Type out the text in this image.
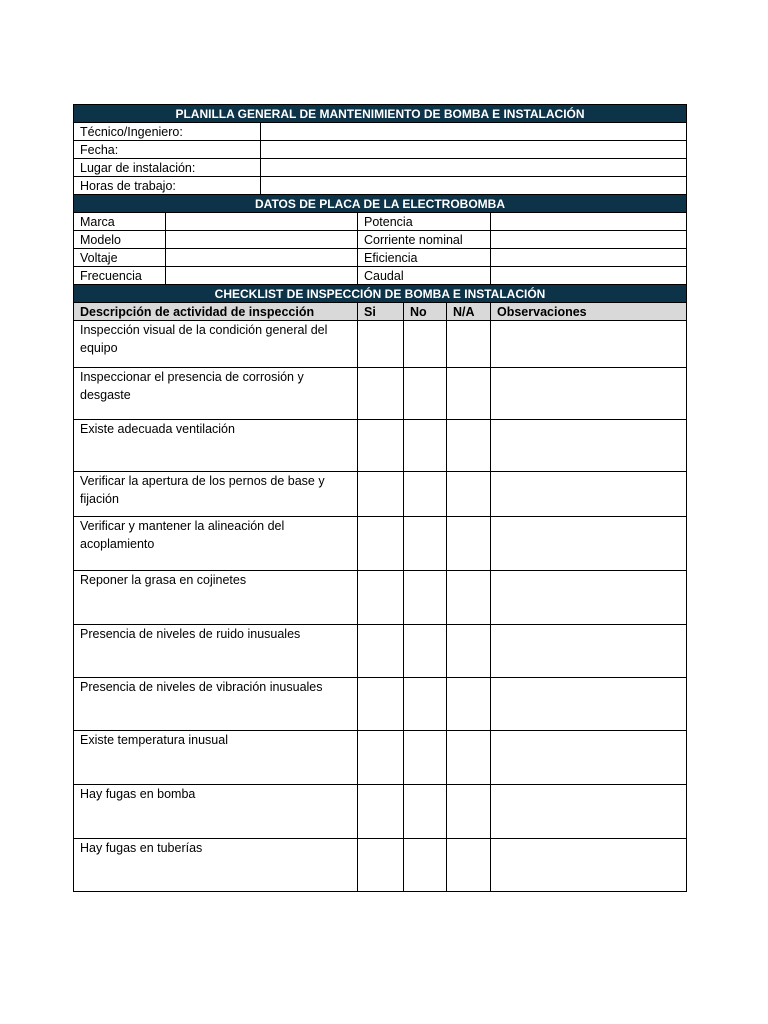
PLANILLA GENERAL DE MANTENIMIENTO DE BOMBA E INSTALACIÓN	
Técnico/Ingeniero:	
Fecha:	
Lugar de instalación:	
Horas de trabajo:	
DATOS DE PLACA DE LA ELECTROBOMBA			
Marca		Potencia	
Modelo		Corriente nominal	
Voltaje		Eficiencia	
Frecuencia		Caudal	
CHECKLIST DE INSPECCIÓN DE BOMBA E INSTALACIÓN				
Descripción de actividad de inspección	Si	No	N/A	Observaciones
Inspección visual de la condición general del equipo				
Inspeccionar el presencia de corrosión y desgaste				
Existe adecuada ventilación				
Verificar la apertura de los pernos de base y fijación				
Verificar y mantener la alineación del acoplamiento				
Reponer la grasa en cojinetes				
Presencia de niveles de ruido inusuales				
Presencia de niveles de vibración inusuales				
Existe temperatura inusual				
Hay fugas en bomba				
Hay fugas en tuberías				
